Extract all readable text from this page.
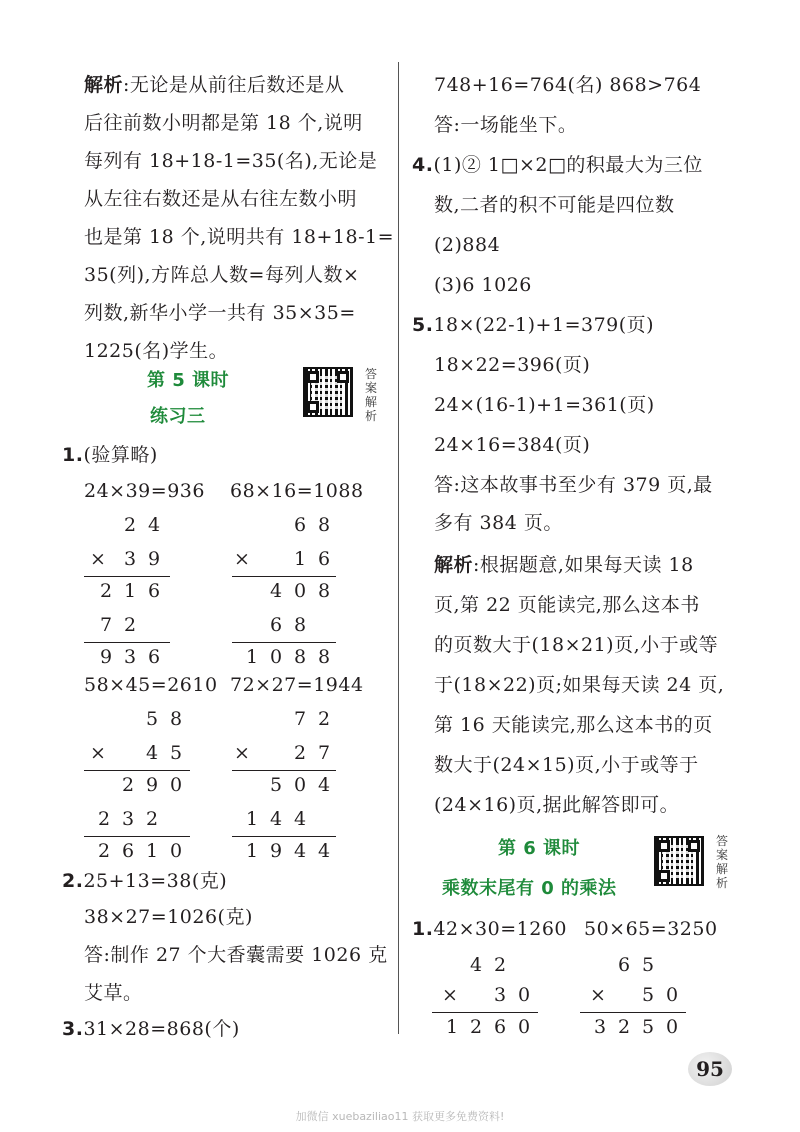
解析:无论是从前往后数还是从
后往前数小明都是第 18 个,说明
每列有 18+18-1=35(名),无论是
从左往右数还是从右往左数小明
也是第 18 个,说明共有 18+18-1=
35(列),方阵总人数=每列人数×
列数,新华小学一共有 35×35=
1225(名)学生。
第 5 课时
练习三
答案解析
1.(验算略)
24×39=936 68×16=1088
2 4
× 3 9
2 1 6
7 2
9 3 6
6 8
× 1 6
4 0 8
6 8
1 0 8 8
58×45=2610 72×27=1944
5 8
× 4 5
2 9 0
2 3 2
2 6 1 0
7 2
× 2 7
5 0 4
1 4 4
1 9 4 4
2.25+13=38(克)
38×27=1026(克)
答:制作 27 个大香囊需要 1026 克
艾草。
3.31×28=868(个)
748+16=764(名) 868>764
答:一场能坐下。
4.(1)② 1□×2□的积最大为三位
数,二者的积不可能是四位数
(2)884
(3)6 1026
5.18×(22-1)+1=379(页)
18×22=396(页)
24×(16-1)+1=361(页)
24×16=384(页)
答:这本故事书至少有 379 页,最
多有 384 页。
解析:根据题意,如果每天读 18
页,第 22 页能读完,那么这本书
的页数大于(18×21)页,小于或等
于(18×22)页;如果每天读 24 页,
第 16 天能读完,那么这本书的页
数大于(24×15)页,小于或等于
(24×16)页,据此解答即可。
第 6 课时
乘数末尾有 0 的乘法
答案解析
1.42×30=1260 50×65=3250
4 2
× 3 0
1 2 6 0
6 5
× 5 0
3 2 5 0
95
加微信 xuebaziliao11 获取更多免费资料!
